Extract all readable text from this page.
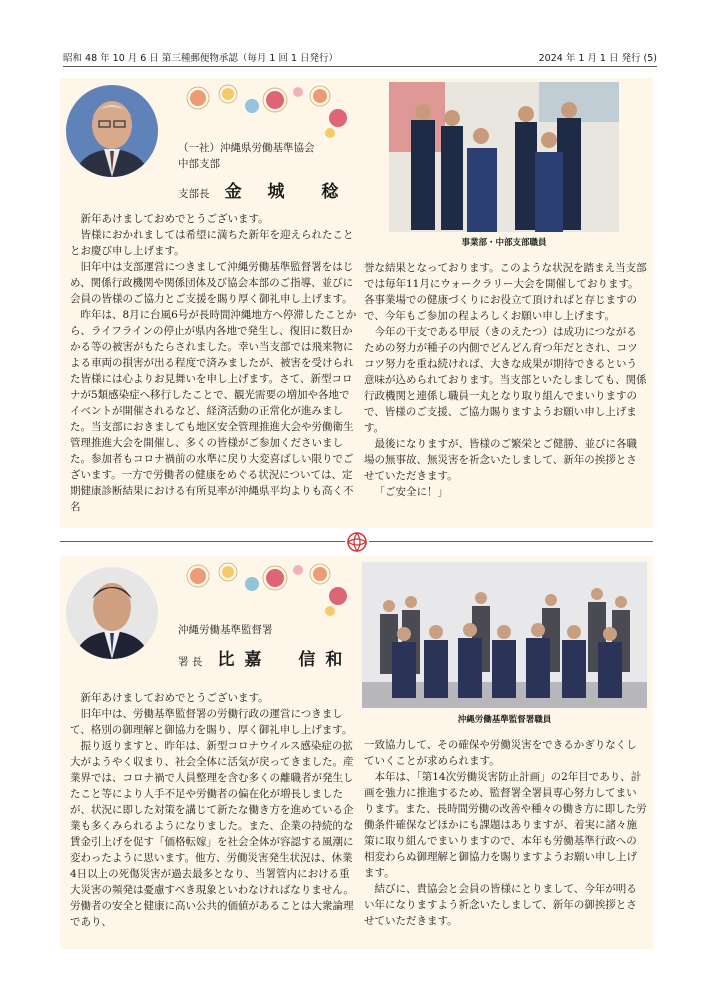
昭和 48 年 10 月 6 日 第三種郵便物承認（毎月 1 回 1 日発行）	2024 年 1 月 1 日 発行 (5)
（一社）沖縄県労働基準協会
中部支部
支部長 金 城　稔
事業部・中部支部職員

新年あけましておめでとうございます。

皆様におかれましては希望に満ちた新年を迎えられたこととお慶び申し上げます。

旧年中は支部運営につきまして沖縄労働基準監督署をはじめ、関係行政機関や関係団体及び協会本部のご指導、並びに会員の皆様のご協力とご支援を賜り厚く御礼申し上げます。

昨年は、8月に台風6号が長時間沖縄地方へ停滞したことから、ライフラインの停止が県内各地で発生し、復旧に数日かかる等の被害がもたらされました。幸い当支部では飛来物による車両の損害が出る程度で済みましたが、被害を受けられた皆様には心よりお見舞いを申し上げます。さて、新型コロナが5類感染症へ移行したことで、観光需要の増加や各地でイベントが開催されるなど、経済活動の正常化が進みました。当支部におきましても地区安全管理推進大会や労働衛生管理推進大会を開催し、多くの皆様がご参加くださいました。参加者もコロナ禍前の水準に戻り大変喜ばしい限りでございます。一方で労働者の健康をめぐる状況については、定期健康診断結果における有所見率が沖縄県平均よりも高く不名

誉な結果となっております。このような状況を踏まえ当支部では毎年11月にウォークラリー大会を開催しております。各事業場での健康づくりにお役立て頂ければと存じますので、今年もご参加の程よろしくお願い申し上げます。

今年の干支である甲辰（きのえたつ）は成功につながるための努力が種子の内側でどんどん育つ年だとされ、コツコツ努力を重ね続ければ、大きな成果が期待できるという意味が込められております。当支部といたしましても、関係行政機関と連係し職員一丸となり取り組んでまいりますので、皆様のご支援、ご協力賜りますようお願い申し上げます。

最後になりますが、皆様のご繁栄とご健勝、並びに各職場の無事故、無災害を祈念いたしまして、新年の挨拶とさせていただきます。

「ご安全に！」

沖縄労働基準監督署
署 長 比嘉　信和
沖縄労働基準監督署職員

新年あけましておめでとうございます。

旧年中は、労働基準監督署の労働行政の運営につきまして、格別の御理解と御協力を賜り、厚く御礼申し上げます。

振り返りますと、昨年は、新型コロナウイルス感染症の拡大がようやく収まり、社会全体に活気が戻ってきました。産業界では、コロナ禍で人員整理を含む多くの離職者が発生したこと等により人手不足や労働者の偏在化が増長しましたが、状況に即した対策を講じて新たな働き方を進めている企業も多くみられるようになりました。また、企業の持続的な賃金引上げを促す「価格転嫁」を社会全体が容認する風潮に変わったように思います。他方、労働災害発生状況は、休業4日以上の死傷災害が過去最多となり、当署管内における重大災害の頻発は憂慮すべき現象といわなければなりません。労働者の安全と健康に高い公共的価値があることは大衆論理であり、

一致協力して、その確保や労働災害をできるかぎりなくしていくことが求められます。

本年は、「第14次労働災害防止計画」の2年目であり、計画を強力に推進するため、監督署全署員専心努力してまいります。また、長時間労働の改善や種々の働き方に即した労働条件確保などほかにも課題はありますが、着実に諸々施策に取り組んでまいりますので、本年も労働基準行政への相変わらぬ御理解と御協力を賜りますようお願い申し上げます。

結びに、貴協会と会員の皆様にとりまして、今年が明るい年になりますよう祈念いたしまして、新年の御挨拶とさせていただきます。
